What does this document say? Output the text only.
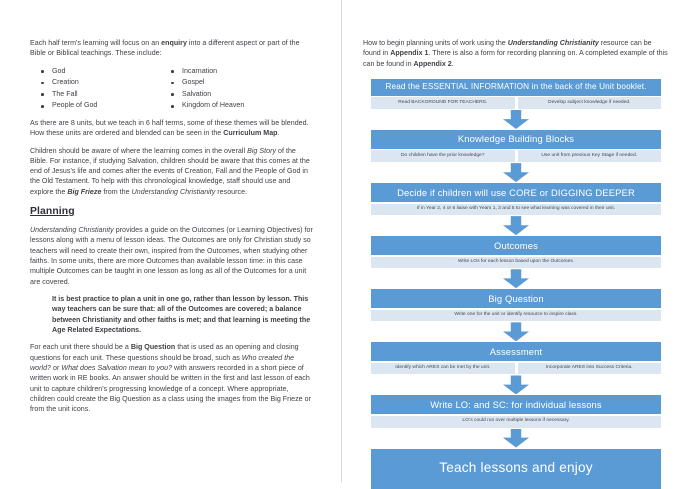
Each half term's learning will focus on an enquiry into a different aspect or part of the Bible or Biblical teachings. These include:

God
Creation
The Fall
People of God
Incarnation
Gospel
Salvation
Kingdom of Heaven

As there are 8 units, but we teach in 6 half terms, some of these themes will be blended. How these units are ordered and blended can be seen in the Curriculum Map.

Children should be aware of where the learning comes in the overall Big Story of the Bible. For instance, if studying Salvation, children should be aware that this comes at the end of Jesus's life and comes after the events of Creation, Fall and the People of God in the Old Testament. To help with this chronological knowledge, staff should use and explore the Big Frieze from the Understanding Christianity resource.

Planning

Understanding Christianity provides a guide on the Outcomes (or Learning Objectives) for lessons along with a menu of lesson ideas. The Outcomes are only for Christian study so teachers will need to create their own, inspired from the Outcomes, when studying other faiths. In some units, there are more Outcomes than available lesson time: in this case multiple Outcomes can be taught in one lesson as long as all of the Outcomes for a unit are covered.

It is best practice to plan a unit in one go, rather than lesson by lesson. This way teachers can be sure that: all of the Outcomes are covered; a balance between Christianity and other faiths is met; and that learning is meeting the Age Related Expectations.

For each unit there should be a Big Question that is used as an opening and closing questions for each unit. These questions should be broad, such as Who created the world? or What does Salvation mean to you? with answers recorded in a short piece of written work in RE books. An answer should be written in the first and last lesson of each unit to capture children's progressing knowledge of a concept. Where appropriate, children could create the Big Question as a class using the images from the Big Frieze or from the unit icons.

How to begin planning units of work using the Understanding Christianity resource can be found in Appendix 1. There is also a form for recording planning on. A completed example of this can be found in Appendix 2.

Read the ESSENTIAL INFORMATION in the back of the Unit booklet.
Read BACKGROUND FOR TEACHERS.	Develop subject knowledge if needed.
Knowledge Building Blocks
Do children have the prior knowledge?	Use unit from previous Key Stage if needed.
Decide if children will use CORE or DIGGING DEEPER
If in Year 2, 4 or 6 liaise with Years 1, 3 and 5 to see what learning was covered in their unit.
Outcomes
Write LOs for each lesson based upon the Outcomes.
Big Question
Write one for the unit or identify resource to inspire class.
Assessment
Identify which ARES can be met by the unit.	Incorporate ARES into Success Criteria.
Write LO: and SC: for individual lessons
LO:s could run over multiple lessons if necessary.
Teach lessons and enjoy
